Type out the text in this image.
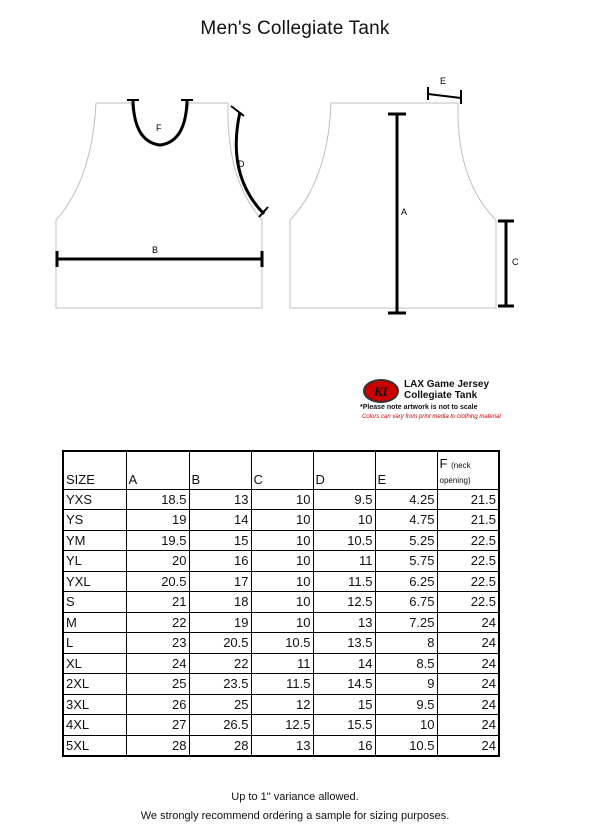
Men's Collegiate Tank
F
D
B
E
A
C
KI LAX Game Jersey
Collegiate Tank
*Please note artwork is not to scale
Colors can vary from print media to clothing material
SIZE	A	B	C	D	E	F (neck opening)
YXS	18.5	13	10	9.5	4.25	21.5
YS	19	14	10	10	4.75	21.5
YM	19.5	15	10	10.5	5.25	22.5
YL	20	16	10	11	5.75	22.5
YXL	20.5	17	10	11.5	6.25	22.5
S	21	18	10	12.5	6.75	22.5
M	22	19	10	13	7.25	24
L	23	20.5	10.5	13.5	8	24
XL	24	22	11	14	8.5	24
2XL	25	23.5	11.5	14.5	9	24
3XL	26	25	12	15	9.5	24
4XL	27	26.5	12.5	15.5	10	24
5XL	28	28	13	16	10.5	24
Up to 1" variance allowed.
We strongly recommend ordering a sample for sizing purposes.
